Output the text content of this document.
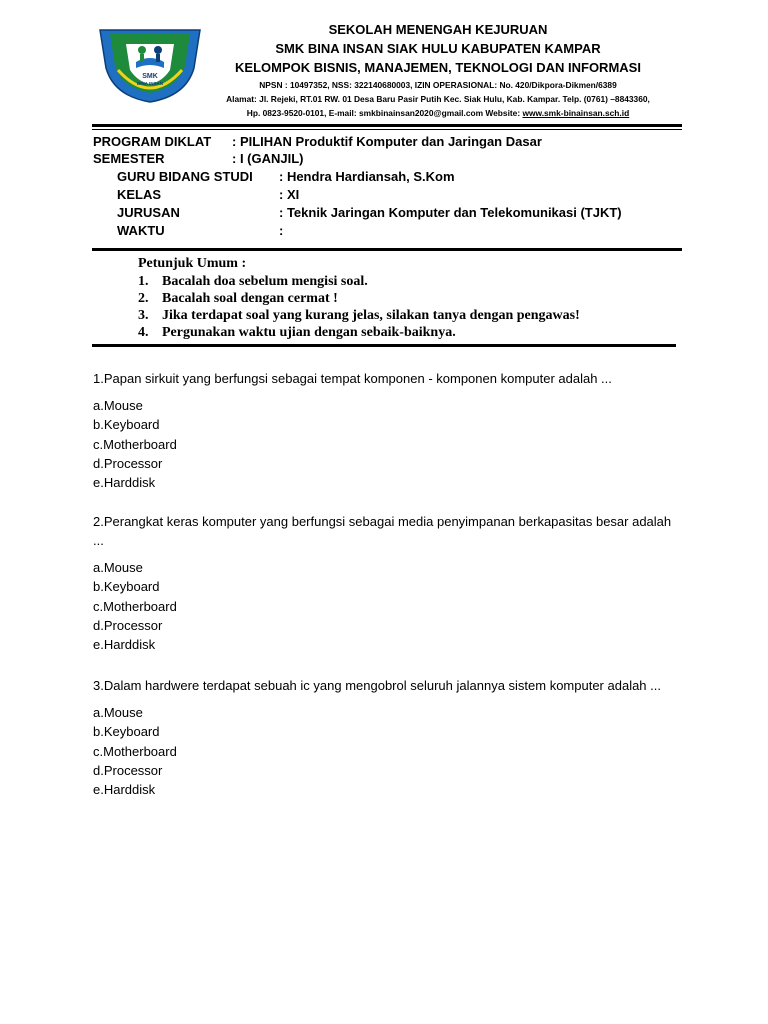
SMK
BINA INSAN
SEKOLAH MENENGAH KEJURUAN
SMK BINA INSAN SIAK HULU KABUPATEN KAMPAR
KELOMPOK BISNIS, MANAJEMEN, TEKNOLOGI DAN INFORMASI
NPSN : 10497352, NSS: 322140680003, IZIN OPERASIONAL: No. 420/Dikpora-Dikmen/6389
Alamat: Jl. Rejeki, RT.01 RW. 01 Desa Baru Pasir Putih Kec. Siak Hulu, Kab. Kampar. Telp. (0761) –8843360,
Hp. 0823-9520-0101, E-mail: smkbinainsan2020@gmail.com Website: www.smk-binainsan.sch.id
PROGRAM DIKLAT : PILIHAN Produktif Komputer dan Jaringan Dasar
SEMESTER	: I (GANJIL)
GURU BIDANG STUDI : Hendra Hardiansah, S.Kom
KELAS	: XI
JURUSAN	: Teknik Jaringan Komputer dan Telekomunikasi (TJKT)
WAKTU	:
Petunjuk Umum :
1. Bacalah doa sebelum mengisi soal.
2. Bacalah soal dengan cermat !
3. Jika terdapat soal yang kurang jelas, silakan tanya dengan pengawas!
4. Pergunakan waktu ujian dengan sebaik-baiknya.

1.Papan sirkuit yang berfungsi sebagai tempat komponen - komponen komputer adalah ...

a.Mouse
b.Keyboard
c.Motherboard
d.Processor
e.Harddisk

2.Perangkat keras komputer yang berfungsi sebagai media penyimpanan berkapasitas besar adalah ...

a.Mouse
b.Keyboard
c.Motherboard
d.Processor
e.Harddisk

3.Dalam hardwere terdapat sebuah ic yang mengobrol seluruh jalannya sistem komputer adalah ...

a.Mouse
b.Keyboard
c.Motherboard
d.Processor
e.Harddisk
